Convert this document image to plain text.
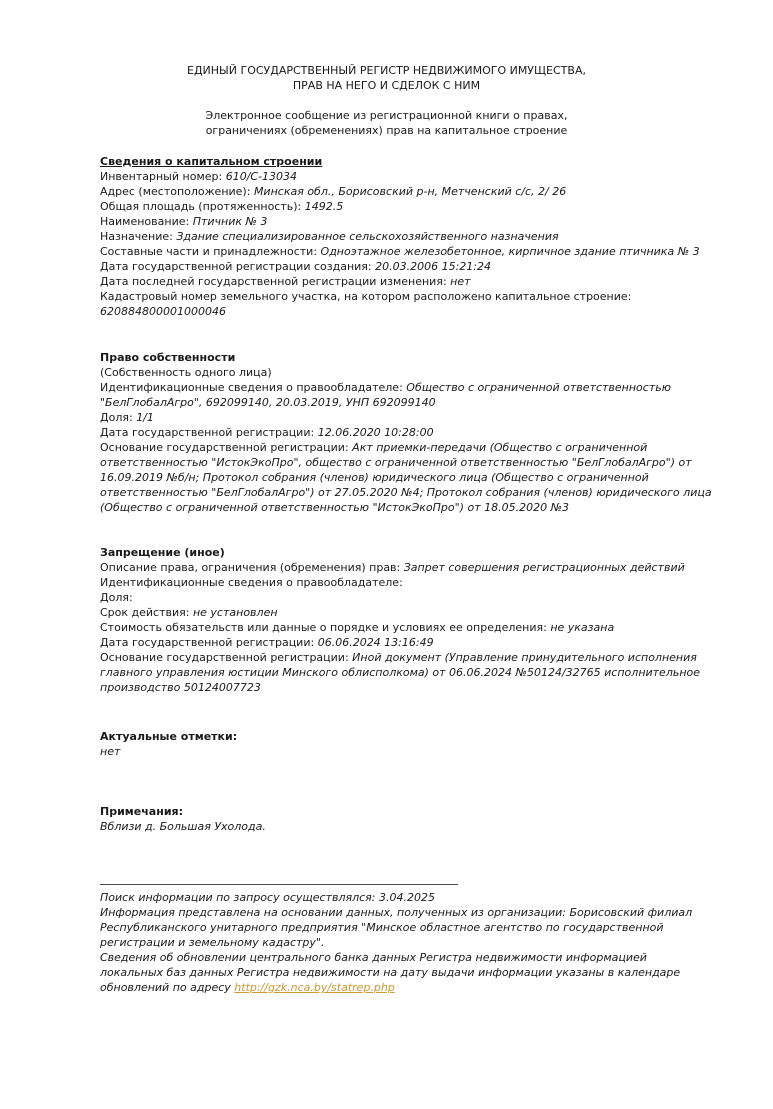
ЕДИНЫЙ ГОСУДАРСТВЕННЫЙ РЕГИСТР НЕДВИЖИМОГО ИМУЩЕСТВА,
ПРАВ НА НЕГО И СДЕЛОК С НИМ
Электронное сообщение из регистрационной книги о правах,
ограничениях (обременениях) прав на капитальное строение
Сведения о капитальном строении
Инвентарный номер: 610/С-13034
Адрес (местоположение): Минская обл., Борисовский р-н, Метченский с/с, 2/ 26
Общая площадь (протяженность): 1492.5
Наименование: Птичник № 3
Назначение: Здание специализированное сельскохозяйственного назначения
Составные части и принадлежности: Одноэтажное железобетонное, кирпичное здание птичника № 3
Дата государственной регистрации создания: 20.03.2006 15:21:24
Дата последней государственной регистрации изменения: нет
Кадастровый номер земельного участка, на котором расположено капитальное строение: 620884800001000046
Право собственности
(Собственность одного лица)
Идентификационные сведения о правообладателе: Общество с ограниченной ответственностью "БелГлобалАгро", 692099140, 20.03.2019, УНП 692099140
Доля: 1/1
Дата государственной регистрации: 12.06.2020 10:28:00
Основание государственной регистрации: Акт приемки-передачи (Общество с ограниченной ответственностью "ИстокЭкоПро", общество с ограниченной ответственностью "БелГлобалАгро") от 16.09.2019 №б/н; Протокол собрания (членов) юридического лица (Общество с ограниченной ответственностью "БелГлобалАгро") от 27.05.2020 №4; Протокол собрания (членов) юридического лица (Общество с ограниченной ответственностью "ИстокЭкоПро") от 18.05.2020 №3
Запрещение (иное)
Описание права, ограничения (обременения) прав: Запрет совершения регистрационных действий
Идентификационные сведения о правообладателе:
Доля:
Срок действия: не установлен
Стоимость обязательств или данные о порядке и условиях ее определения: не указана
Дата государственной регистрации: 06.06.2024 13:16:49
Основание государственной регистрации: Иной документ (Управление принудительного исполнения главного управления юстиции Минского облисполкома) от 06.06.2024 №50124/32765 исполнительное производство 50124007723
Актуальные отметки:
нет
Примечания:
Вблизи д. Большая Ухолода.
Поиск информации по запросу осуществлялся: 3.04.2025
Информация представлена на основании данных, полученных из организации: Борисовский филиал Республиканского унитарного предприятия "Минское областное агентство по государственной регистрации и земельному кадастру".
Сведения об обновлении центрального банка данных Регистра недвижимости информацией локальных баз данных Регистра недвижимости на дату выдачи информации указаны в календаре обновлений по адресу http://gzk.nca.by/statrep.php
